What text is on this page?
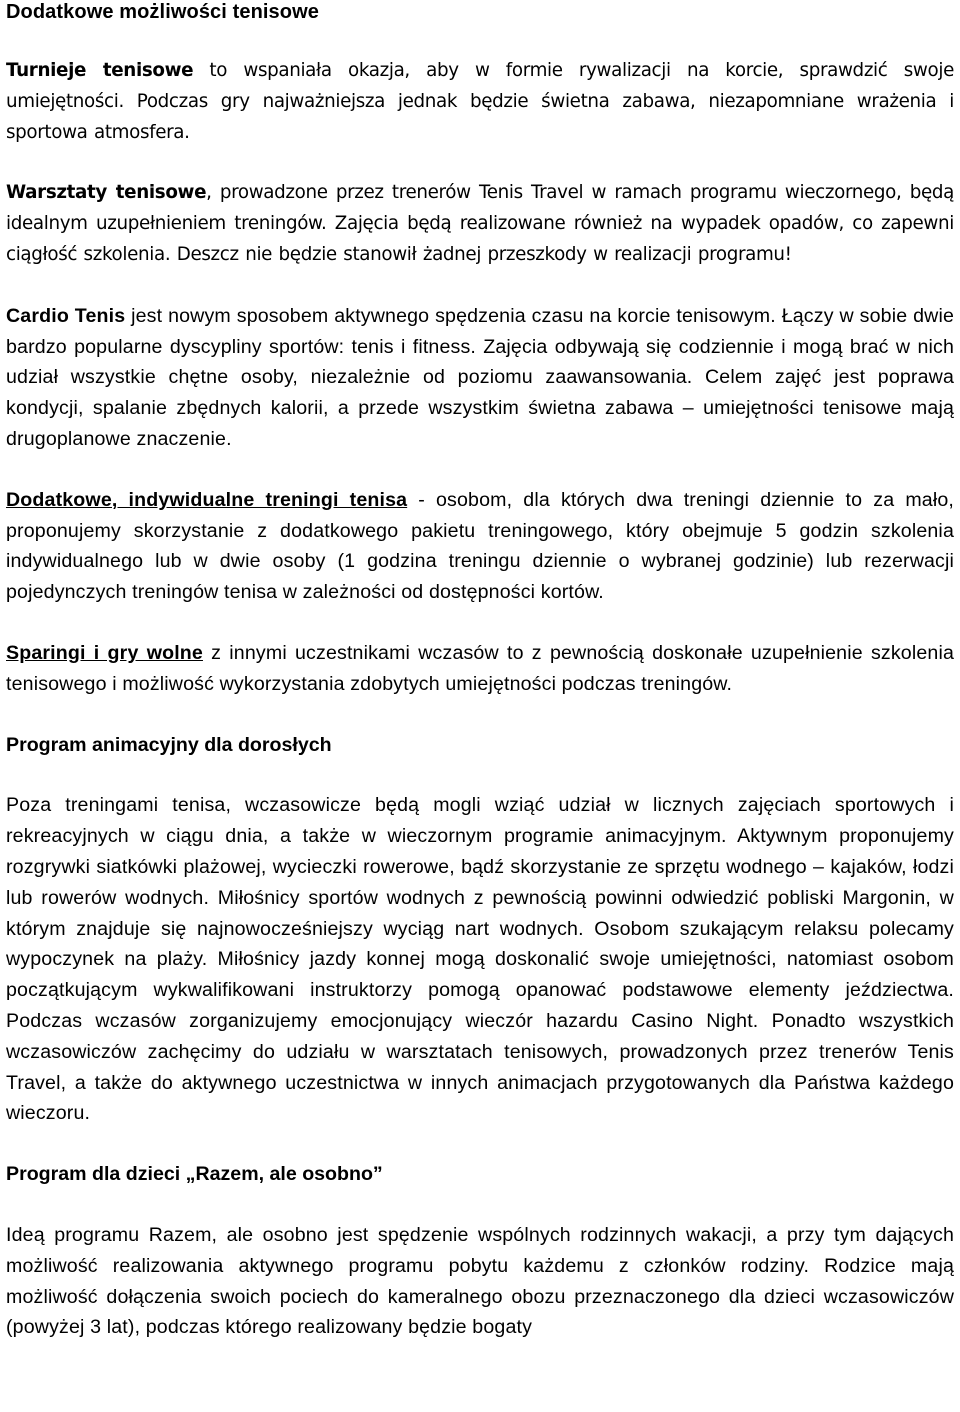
Dodatkowe możliwości tenisowe

Turnieje tenisowe to wspaniała okazja, aby w formie rywalizacji na korcie, sprawdzić swoje umiejętności. Podczas gry najważniejsza jednak będzie świetna zabawa, niezapomniane wrażenia i sportowa atmosfera.

Warsztaty tenisowe, prowadzone przez trenerów Tenis Travel w ramach programu wieczornego, będą idealnym uzupełnieniem treningów. Zajęcia będą realizowane również na wypadek opadów, co zapewni ciągłość szkolenia. Deszcz nie będzie stanowił żadnej przeszkody w realizacji programu!

Cardio Tenis jest nowym sposobem aktywnego spędzenia czasu na korcie tenisowym. Łączy w sobie dwie bardzo popularne dyscypliny sportów: tenis i fitness. Zajęcia odbywają się codziennie i mogą brać w nich udział wszystkie chętne osoby, niezależnie od poziomu zaawansowania. Celem zajęć jest poprawa kondycji, spalanie zbędnych kalorii, a przede wszystkim świetna zabawa – umiejętności tenisowe mają drugoplanowe znaczenie.

Dodatkowe, indywidualne treningi tenisa - osobom, dla których dwa treningi dziennie to za mało, proponujemy skorzystanie z dodatkowego pakietu treningowego, który obejmuje 5 godzin szkolenia indywidualnego lub w dwie osoby (1 godzina treningu dziennie o wybranej godzinie) lub rezerwacji pojedynczych treningów tenisa w zależności od dostępności kortów.

Sparingi i gry wolne z innymi uczestnikami wczasów to z pewnością doskonałe uzupełnienie szkolenia tenisowego i możliwość wykorzystania zdobytych umiejętności podczas treningów.

Program animacyjny dla dorosłych

Poza treningami tenisa, wczasowicze będą mogli wziąć udział w licznych zajęciach sportowych i rekreacyjnych w ciągu dnia, a także w wieczornym programie animacyjnym. Aktywnym proponujemy rozgrywki siatkówki plażowej, wycieczki rowerowe, bądź skorzystanie ze sprzętu wodnego – kajaków, łodzi lub rowerów wodnych. Miłośnicy sportów wodnych z pewnością powinni odwiedzić pobliski Margonin, w którym znajduje się najnowocześniejszy wyciąg nart wodnych. Osobom szukającym relaksu polecamy wypoczynek na plaży. Miłośnicy jazdy konnej mogą doskonalić swoje umiejętności, natomiast osobom początkującym wykwalifikowani instruktorzy pomogą opanować podstawowe elementy jeździectwa. Podczas wczasów zorganizujemy emocjonujący wieczór hazardu Casino Night. Ponadto wszystkich wczasowiczów zachęcimy do udziału w warsztatach tenisowych, prowadzonych przez trenerów Tenis Travel, a także do aktywnego uczestnictwa w innych animacjach przygotowanych dla Państwa każdego wieczoru.

Program dla dzieci „Razem, ale osobno”

Ideą programu Razem, ale osobno jest spędzenie wspólnych rodzinnych wakacji, a przy tym dających możliwość realizowania aktywnego programu pobytu każdemu z członków rodziny. Rodzice mają możliwość dołączenia swoich pociech do kameralnego obozu przeznaczonego dla dzieci wczasowiczów (powyżej 3 lat), podczas którego realizowany będzie bogaty
